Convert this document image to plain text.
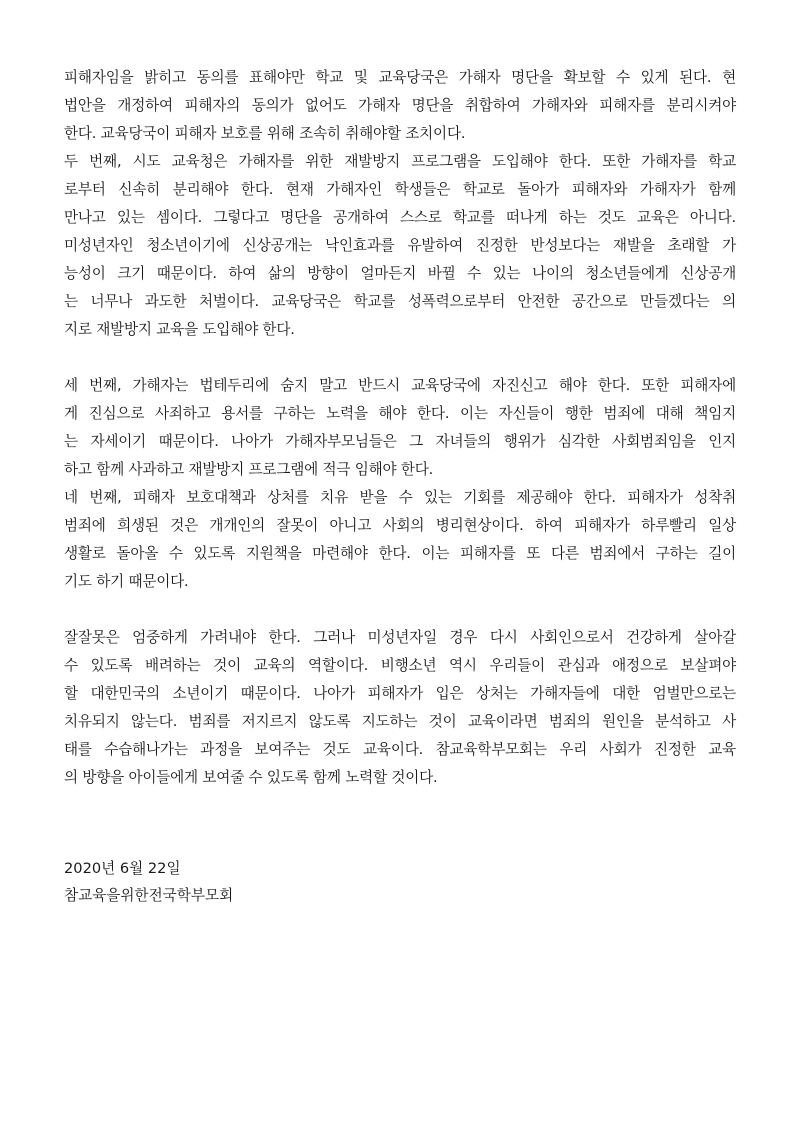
피해자임을 밝히고 동의를 표해야만 학교 및 교육당국은 가해자 명단을 확보할 수 있게 된다. 현
법안을 개정하여 피해자의 동의가 없어도 가해자 명단을 취합하여 가해자와 피해자를 분리시켜야
한다. 교육당국이 피해자 보호를 위해 조속히 취해야할 조치이다.
두 번째, 시도 교육청은 가해자를 위한 재발방지 프로그램을 도입해야 한다. 또한 가해자를 학교
로부터 신속히 분리해야 한다. 현재 가해자인 학생들은 학교로 돌아가 피해자와 가해자가 함께
만나고 있는 셈이다. 그렇다고 명단을 공개하여 스스로 학교를 떠나게 하는 것도 교육은 아니다.
미성년자인 청소년이기에 신상공개는 낙인효과를 유발하여 진정한 반성보다는 재발을 초래할 가
능성이 크기 때문이다. 하여 삶의 방향이 얼마든지 바뀔 수 있는 나이의 청소년들에게 신상공개
는 너무나 과도한 처벌이다. 교육당국은 학교를 성폭력으로부터 안전한 공간으로 만들겠다는 의
지로 재발방지 교육을 도입해야 한다.
세 번째, 가해자는 법테두리에 숨지 말고 반드시 교육당국에 자진신고 해야 한다. 또한 피해자에
게 진심으로 사죄하고 용서를 구하는 노력을 해야 한다. 이는 자신들이 행한 범죄에 대해 책임지
는 자세이기 때문이다. 나아가 가해자부모님들은 그 자녀들의 행위가 심각한 사회범죄임을 인지
하고 함께 사과하고 재발방지 프로그램에 적극 임해야 한다.
네 번째, 피해자 보호대책과 상처를 치유 받을 수 있는 기회를 제공해야 한다. 피해자가 성착취
범죄에 희생된 것은 개개인의 잘못이 아니고 사회의 병리현상이다. 하여 피해자가 하루빨리 일상
생활로 돌아올 수 있도록 지원책을 마련해야 한다. 이는 피해자를 또 다른 범죄에서 구하는 길이
기도 하기 때문이다.
잘잘못은 엄중하게 가려내야 한다. 그러나 미성년자일 경우 다시 사회인으로서 건강하게 살아갈
수 있도록 배려하는 것이 교육의 역할이다. 비행소년 역시 우리들이 관심과 애정으로 보살펴야
할 대한민국의 소년이기 때문이다. 나아가 피해자가 입은 상처는 가해자들에 대한 엄벌만으로는
치유되지 않는다. 범죄를 저지르지 않도록 지도하는 것이 교육이라면 범죄의 원인을 분석하고 사
태를 수습해나가는 과정을 보여주는 것도 교육이다. 참교육학부모회는 우리 사회가 진정한 교육
의 방향을 아이들에게 보여줄 수 있도록 함께 노력할 것이다.
2020년 6월 22일
참교육을위한전국학부모회
